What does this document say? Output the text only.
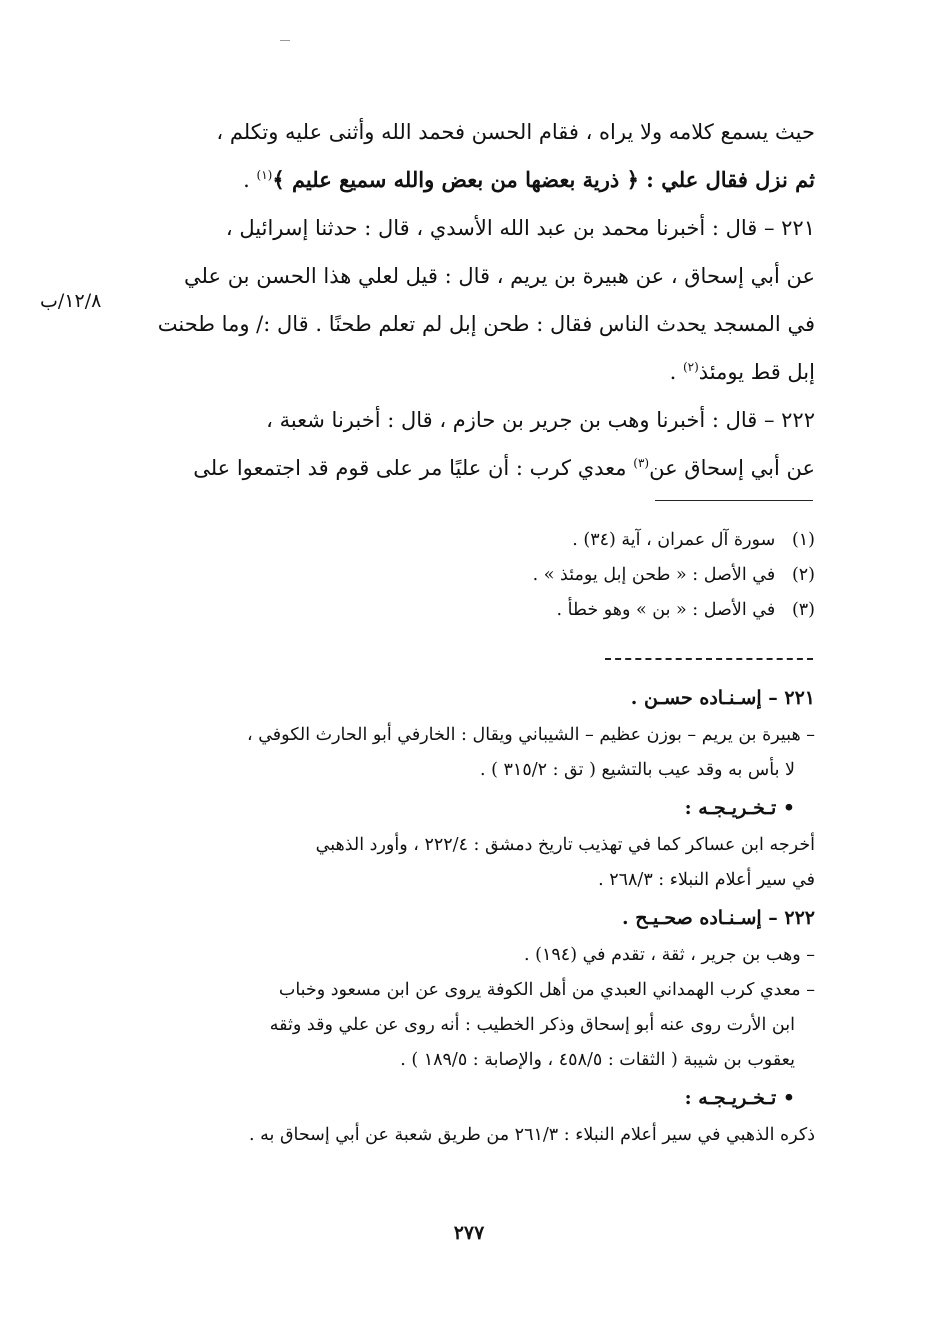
حيث يسمع كلامه ولا يراه ، فقام الحسن فحمد الله وأثنى عليه وتكلم ،
ثم نزل فقال علي : ﴿ ذرية بعضها من بعض والله سميع عليم ﴾$^{(١)}$ .
٢٢١ – قال : أخبرنا محمد بن عبد الله الأسدي ، قال : حدثنا إسرائيل ،
عن أبي إسحاق ، عن هبيرة بن يريم ، قال : قيل لعلي هذا الحسن بن علي
في المسجد يحدث الناس فقال : طحن إبل لم تعلم طحنًا . قال :/ وما طحنت
إبل قط يومئذ$^{(٢)}$ .
٢٢٢ – قال : أخبرنا وهب بن جرير بن حازم ، قال : أخبرنا شعبة ،
عن أبي إسحاق عن$^{(٣)}$ معدي كرب : أن عليًا مر على قوم قد اجتمعوا على
١٢/٨/ب
(١)   سورة آل عمران ، آية (٣٤) .
(٢)   في الأصل : « طحن إبل يومئذ » .
(٣)   في الأصل : « بن » وهو خطأ .
٢٢١ – إسـنـاده حسـن .
– هبيرة بن يريم – بوزن عظيم – الشيباني ويقال : الخارفي أبو الحارث الكوفي ،
لا بأس به وقد عيب بالتشيع ( تق : ٣١٥/٢ ) .
• تـخـريـجـه :
أخرجه ابن عساكر كما في تهذيب تاريخ دمشق : ٢٢٢/٤ ، وأورد الذهبي
في سير أعلام النبلاء : ٢٦٨/٣ .
٢٢٢ – إسـنـاده صحـيـح .
– وهب بن جرير ، ثقة ، تقدم في (١٩٤) .
– معدي كرب الهمداني العبدي من أهل الكوفة يروى عن ابن مسعود وخباب
ابن الأرت روى عنه أبو إسحاق وذكر الخطيب : أنه روى عن علي وقد وثقه
يعقوب بن شيبة ( الثقات : ٤٥٨/٥ ، والإصابة : ١٨٩/٥ ) .
• تـخـريـجـه :
ذكره الذهبي في سير أعلام النبلاء : ٢٦١/٣ من طريق شعبة عن أبي إسحاق به .
٢٧٧
